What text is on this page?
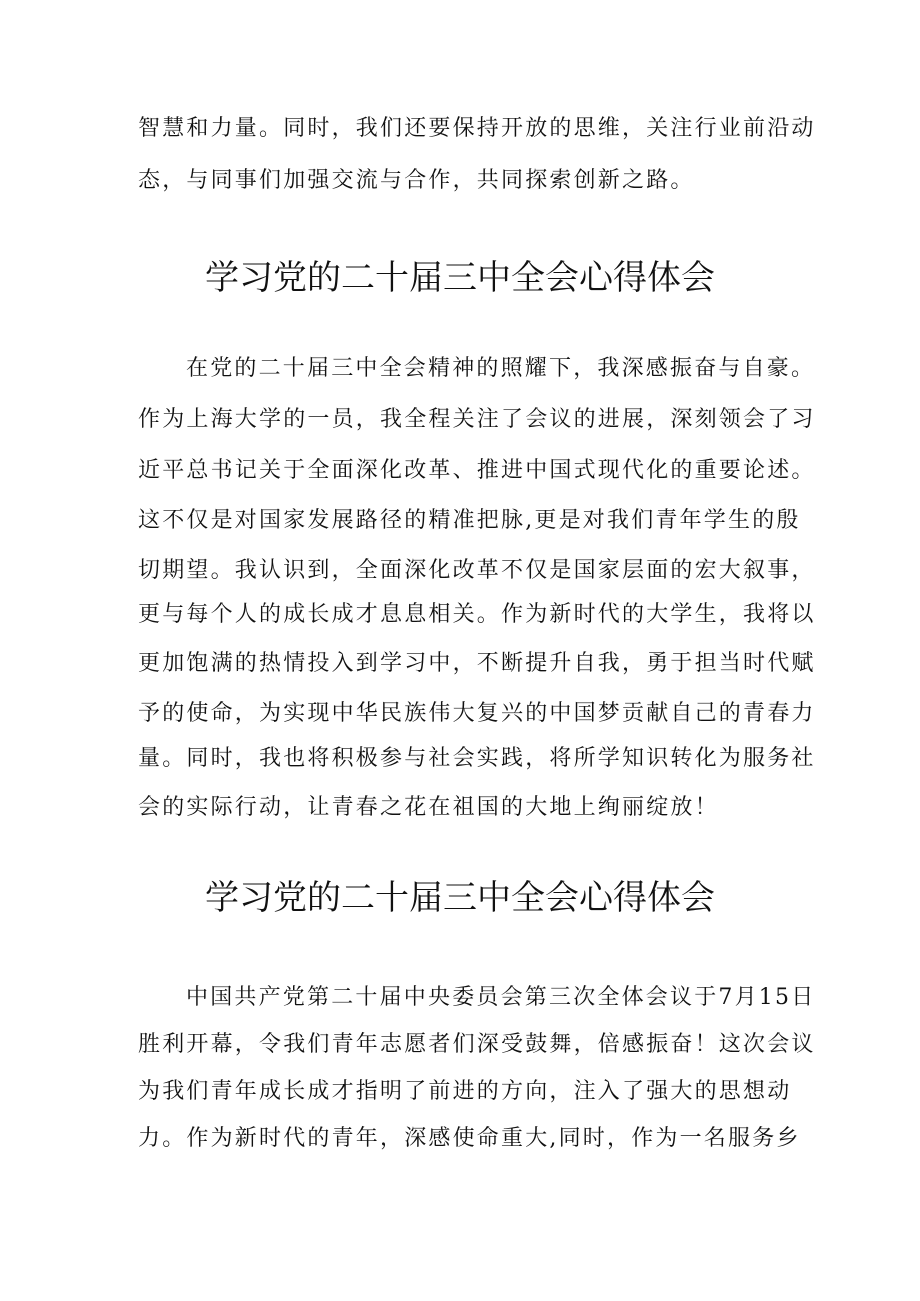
智慧和力量。同时，我们还要保持开放的思维，关注行业前沿动
态，与同事们加强交流与合作，共同探索创新之路。
学习党的二十届三中全会心得体会
在党的二十届三中全会精神的照耀下，我深感振奋与自豪。
作为上海大学的一员，我全程关注了会议的进展，深刻领会了习
近平总书记关于全面深化改革、推进中国式现代化的重要论述。
这不仅是对国家发展路径的精准把脉,更是对我们青年学生的殷
切期望。我认识到，全面深化改革不仅是国家层面的宏大叙事，
更与每个人的成长成才息息相关。作为新时代的大学生，我将以
更加饱满的热情投入到学习中，不断提升自我，勇于担当时代赋
予的使命，为实现中华民族伟大复兴的中国梦贡献自己的青春力
量。同时，我也将积极参与社会实践，将所学知识转化为服务社
会的实际行动，让青春之花在祖国的大地上绚丽绽放！
学习党的二十届三中全会心得体会
中国共产党第二十届中央委员会第三次全体会议于7月15日
胜利开幕，令我们青年志愿者们深受鼓舞，倍感振奋！这次会议
为我们青年成长成才指明了前进的方向，注入了强大的思想动
力。作为新时代的青年，深感使命重大,同时，作为一名服务乡
